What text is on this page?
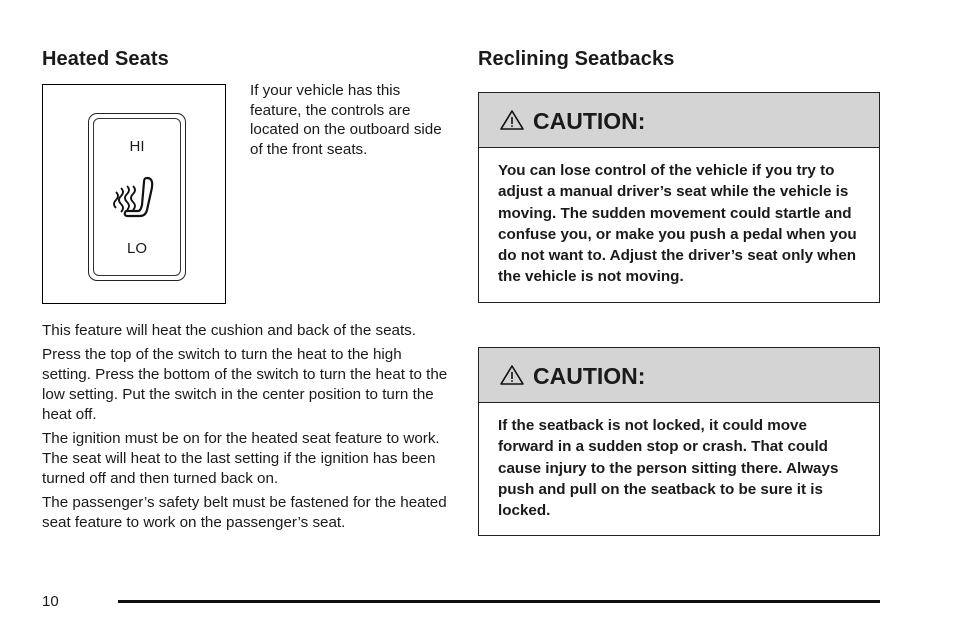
Heated Seats
HI
LO
If your vehicle has this feature, the controls are located on the outboard side of the front seats.

This feature will heat the cushion and back of the seats.

Press the top of the switch to turn the heat to the high setting. Press the bottom of the switch to turn the heat to the low setting. Put the switch in the center position to turn the heat off.

The ignition must be on for the heated seat feature to work. The seat will heat to the last setting if the ignition has been turned off and then turned back on.

The passenger’s safety belt must be fastened for the heated seat feature to work on the passenger’s seat.

Reclining Seatbacks
CAUTION:
You can lose control of the vehicle if you try to adjust a manual driver’s seat while the vehicle is moving. The sudden movement could startle and confuse you, or make you push a pedal when you do not want to. Adjust the driver’s seat only when the vehicle is not moving.
CAUTION:
If the seatback is not locked, it could move forward in a sudden stop or crash. That could cause injury to the person sitting there. Always push and pull on the seatback to be sure it is locked.
10
